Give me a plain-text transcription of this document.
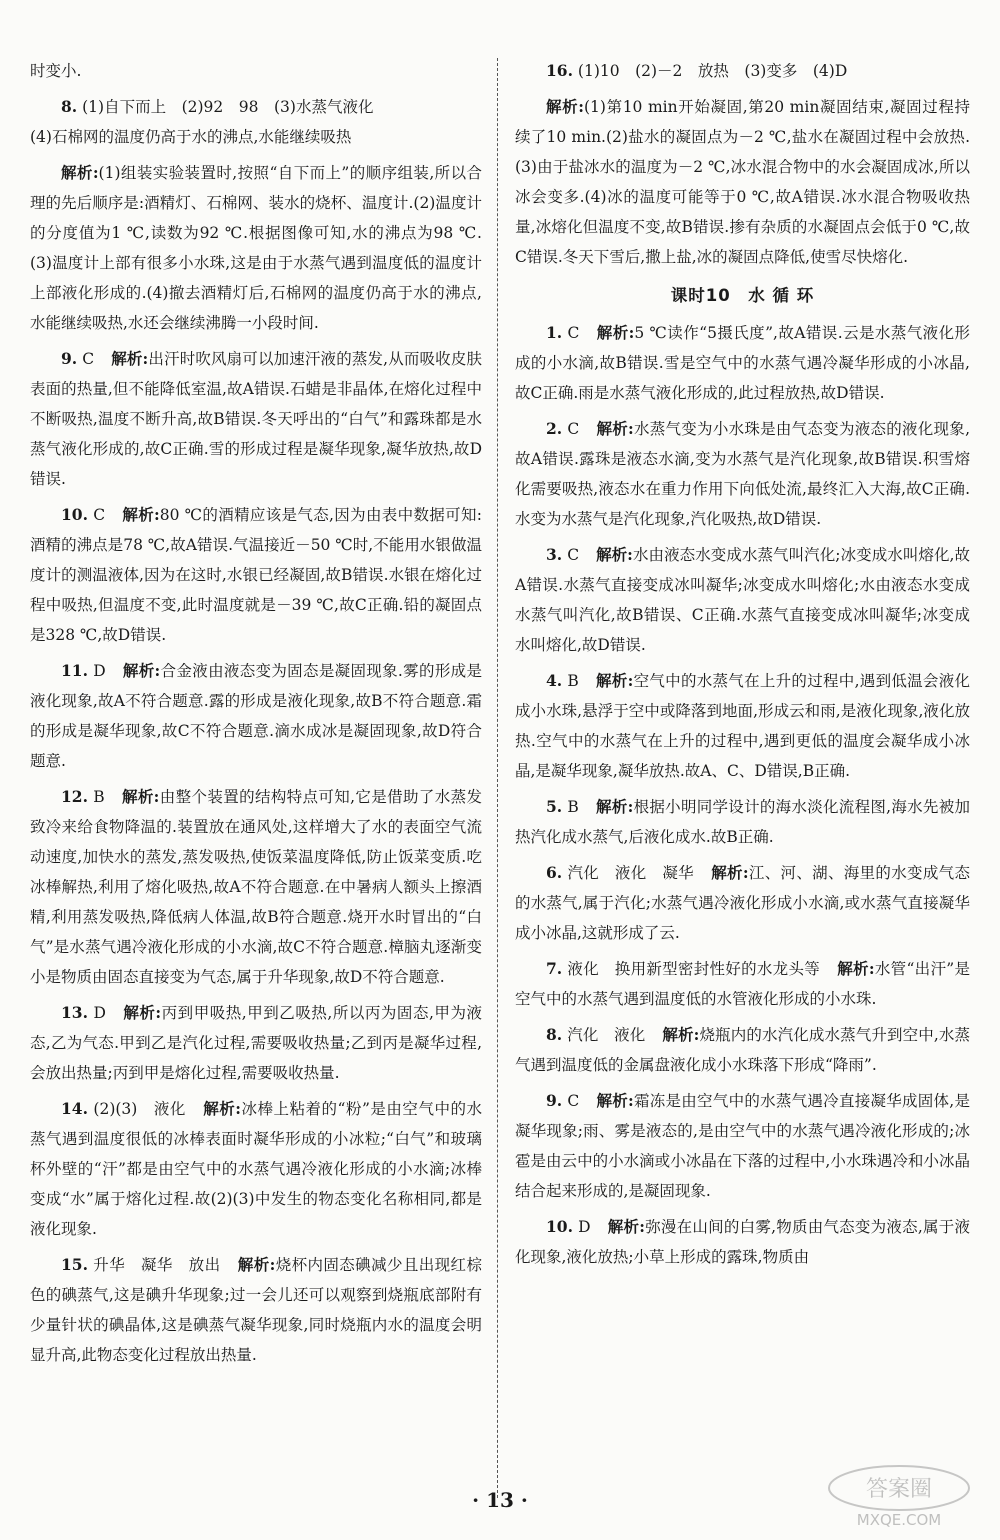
时变小.

8. (1)自下而上　(2)92　98　(3)水蒸气液化
(4)石棉网的温度仍高于水的沸点,水能继续吸热

解析:(1)组装实验装置时,按照“自下而上”的顺序组装,所以合理的先后顺序是:酒精灯、石棉网、装水的烧杯、温度计.(2)温度计的分度值为1 ℃,读数为92 ℃.根据图像可知,水的沸点为98 ℃.(3)温度计上部有很多小水珠,这是由于水蒸气遇到温度低的温度计上部液化形成的.(4)撤去酒精灯后,石棉网的温度仍高于水的沸点,水能继续吸热,水还会继续沸腾一小段时间.

9. C 解析:出汗时吹风扇可以加速汗液的蒸发,从而吸收皮肤表面的热量,但不能降低室温,故A错误.石蜡是非晶体,在熔化过程中不断吸热,温度不断升高,故B错误.冬天呼出的“白气”和露珠都是水蒸气液化形成的,故C正确.雪的形成过程是凝华现象,凝华放热,故D错误.

10. C 解析:80 ℃的酒精应该是气态,因为由表中数据可知:酒精的沸点是78 ℃,故A错误.气温接近－50 ℃时,不能用水银做温度计的测温液体,因为在这时,水银已经凝固,故B错误.水银在熔化过程中吸热,但温度不变,此时温度就是－39 ℃,故C正确.铅的凝固点是328 ℃,故D错误.

11. D 解析:合金液由液态变为固态是凝固现象.雾的形成是液化现象,故A不符合题意.露的形成是液化现象,故B不符合题意.霜的形成是凝华现象,故C不符合题意.滴水成冰是凝固现象,故D符合题意.

12. B 解析:由整个装置的结构特点可知,它是借助了水蒸发致冷来给食物降温的.装置放在通风处,这样增大了水的表面空气流动速度,加快水的蒸发,蒸发吸热,使饭菜温度降低,防止饭菜变质.吃冰棒解热,利用了熔化吸热,故A不符合题意.在中暑病人额头上擦酒精,利用蒸发吸热,降低病人体温,故B符合题意.烧开水时冒出的“白气”是水蒸气遇冷液化形成的小水滴,故C不符合题意.樟脑丸逐渐变小是物质由固态直接变为气态,属于升华现象,故D不符合题意.

13. D 解析:丙到甲吸热,甲到乙吸热,所以丙为固态,甲为液态,乙为气态.甲到乙是汽化过程,需要吸收热量;乙到丙是凝华过程,会放出热量;丙到甲是熔化过程,需要吸收热量.

14. (2)(3)　液化 解析:冰棒上粘着的“粉”是由空气中的水蒸气遇到温度很低的冰棒表面时凝华形成的小冰粒;“白气”和玻璃杯外壁的“汗”都是由空气中的水蒸气遇冷液化形成的小水滴;冰棒变成“水”属于熔化过程.故(2)(3)中发生的物态变化名称相同,都是液化现象.

15. 升华　凝华　放出 解析:烧杯内固态碘减少且出现红棕色的碘蒸气,这是碘升华现象;过一会儿还可以观察到烧瓶底部附有少量针状的碘晶体,这是碘蒸气凝华现象,同时烧瓶内水的温度会明显升高,此物态变化过程放出热量.

16. (1)10　(2)－2　放热　(3)变多　(4)D

解析:(1)第10 min开始凝固,第20 min凝固结束,凝固过程持续了10 min.(2)盐水的凝固点为－2 ℃,盐水在凝固过程中会放热.(3)由于盐冰水的温度为－2 ℃,冰水混合物中的水会凝固成冰,所以冰会变多.(4)冰的温度可能等于0 ℃,故A错误.冰水混合物吸收热量,冰熔化但温度不变,故B错误.掺有杂质的水凝固点会低于0 ℃,故C错误.冬天下雪后,撒上盐,冰的凝固点降低,使雪尽快熔化.

课时10　水 循 环

1. C 解析:5 ℃读作“5摄氏度”,故A错误.云是水蒸气液化形成的小水滴,故B错误.雪是空气中的水蒸气遇冷凝华形成的小冰晶,故C正确.雨是水蒸气液化形成的,此过程放热,故D错误.

2. C 解析:水蒸气变为小水珠是由气态变为液态的液化现象,故A错误.露珠是液态水滴,变为水蒸气是汽化现象,故B错误.积雪熔化需要吸热,液态水在重力作用下向低处流,最终汇入大海,故C正确.水变为水蒸气是汽化现象,汽化吸热,故D错误.

3. C 解析:水由液态水变成水蒸气叫汽化;冰变成水叫熔化,故A错误.水蒸气直接变成冰叫凝华;冰变成水叫熔化;水由液态水变成水蒸气叫汽化,故B错误、C正确.水蒸气直接变成冰叫凝华;冰变成水叫熔化,故D错误.

4. B 解析:空气中的水蒸气在上升的过程中,遇到低温会液化成小水珠,悬浮于空中或降落到地面,形成云和雨,是液化现象,液化放热.空气中的水蒸气在上升的过程中,遇到更低的温度会凝华成小冰晶,是凝华现象,凝华放热.故A、C、D错误,B正确.

5. B 解析:根据小明同学设计的海水淡化流程图,海水先被加热汽化成水蒸气,后液化成水.故B正确.

6. 汽化　液化　凝华 解析:江、河、湖、海里的水变成气态的水蒸气,属于汽化;水蒸气遇冷液化形成小水滴,或水蒸气直接凝华成小冰晶,这就形成了云.

7. 液化　换用新型密封性好的水龙头等 解析:水管“出汗”是空气中的水蒸气遇到温度低的水管液化形成的小水珠.

8. 汽化　液化 解析:烧瓶内的水汽化成水蒸气升到空中,水蒸气遇到温度低的金属盘液化成小水珠落下形成“降雨”.

9. C 解析:霜冻是由空气中的水蒸气遇冷直接凝华成固体,是凝华现象;雨、雾是液态的,是由空气中的水蒸气遇冷液化形成的;冰雹是由云中的小水滴或小冰晶在下落的过程中,小水珠遇冷和小冰晶结合起来形成的,是凝固现象.

10. D 解析:弥漫在山间的白雾,物质由气态变为液态,属于液化现象,液化放热;小草上形成的露珠,物质由

· 13 ·	答案圈
MXQE.COM
